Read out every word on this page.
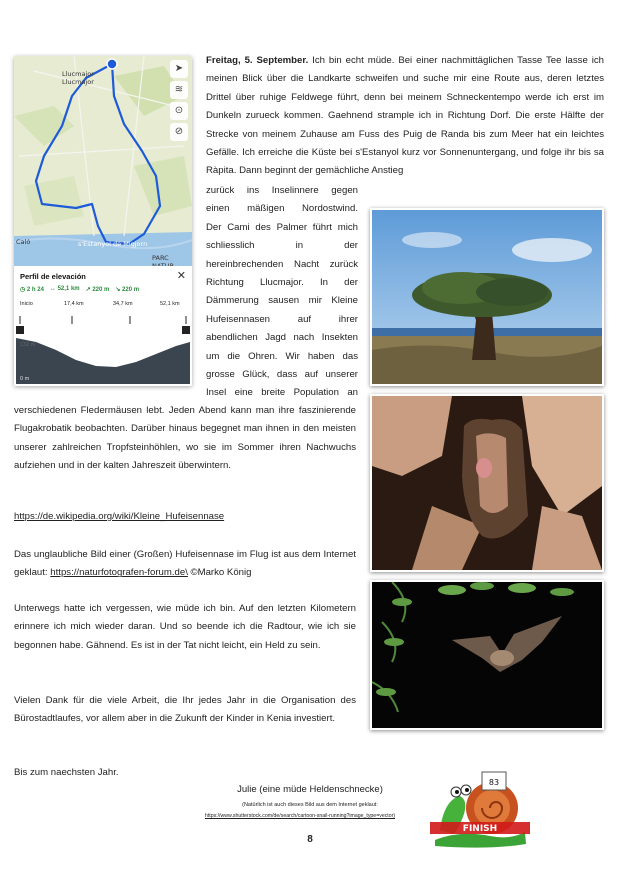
Llucmajor
Llucmajor
Caló	s'Estanyol de Migjorn
PARC
➤
≋
⊙
⊘
Perfil de elevación	✕
◷ 2 h 24 ↔ 52,1 km ↗ 220 m ↘ 220 m
Inicio	17,4 km	34,7 km	52,1 km
132 m
0 m

Freitag, 5. September. Ich bin echt müde. Bei einer nachmittäglichen Tasse Tee lasse ich meinen Blick über die Landkarte schweifen und suche mir eine Route aus, deren letztes Drittel über ruhige Feldwege führt, denn bei meinem Schneckentempo werde ich erst im Dunkeln zurueck kommen. Gaehnend strample ich in Richtung Dorf. Die erste Hälfte der Strecke von meinem Zuhause am Fuss des Puig de Randa bis zum Meer hat ein leichtes Gefälle. Ich erreiche die Küste bei s'Estanyol kurz vor Sonnenuntergang, und folge ihr bis sa Ràpita. Dann beginnt der gemächliche Anstieg

zurück ins Inselinnere gegen
einen mäßigen Nordostwind.
Der Cami des Palmer führt mich
schliesslich in der
hereinbrechenden Nacht zurück
Richtung Llucmajor. In der
Dämmerung sausen mir Kleine
Hufeisennasen auf ihrer
abendlichen Jagd nach Insekten
um die Ohren. Wir haben das
grosse Glück, dass auf unserer
Insel eine breite Population an

verschiedenen Fledermäusen lebt. Jeden Abend kann man ihre faszinierende Flugakrobatik beobachten. Darüber hinaus begegnet man ihnen in den meisten unserer zahlreichen Tropfsteinhöhlen, wo sie im Sommer ihren Nachwuchs aufziehen und in der kalten Jahreszeit überwintern.

https://de.wikipedia.org/wiki/Kleine_Hufeisennase

Das unglaubliche Bild einer (Großen) Hufeisennase im Flug ist aus dem Internet geklaut: https://naturfotografen-forum.de\ ©Marko König

Unterwegs hatte ich vergessen, wie müde ich bin. Auf den letzten Kilometern erinnere ich mich wieder daran. Und so beende ich die Radtour, wie ich sie begonnen habe. Gähnend. Es ist in der Tat nicht leicht, ein Held zu sein.

Vielen Dank für die viele Arbeit, die Ihr jedes Jahr in die Organisation des Bürostadtlaufes, vor allem aber in die Zukunft der Kinder in Kenia investiert.

Bis zum naechsten Jahr.

Julie (eine müde Heldenschnecke)

(Natürlich ist auch dieses Bild aus dem Internet geklaut:

https://www.shutterstock.com/de/search/cartoon-snail-running?image_type=vector)

83
FINISH
8
